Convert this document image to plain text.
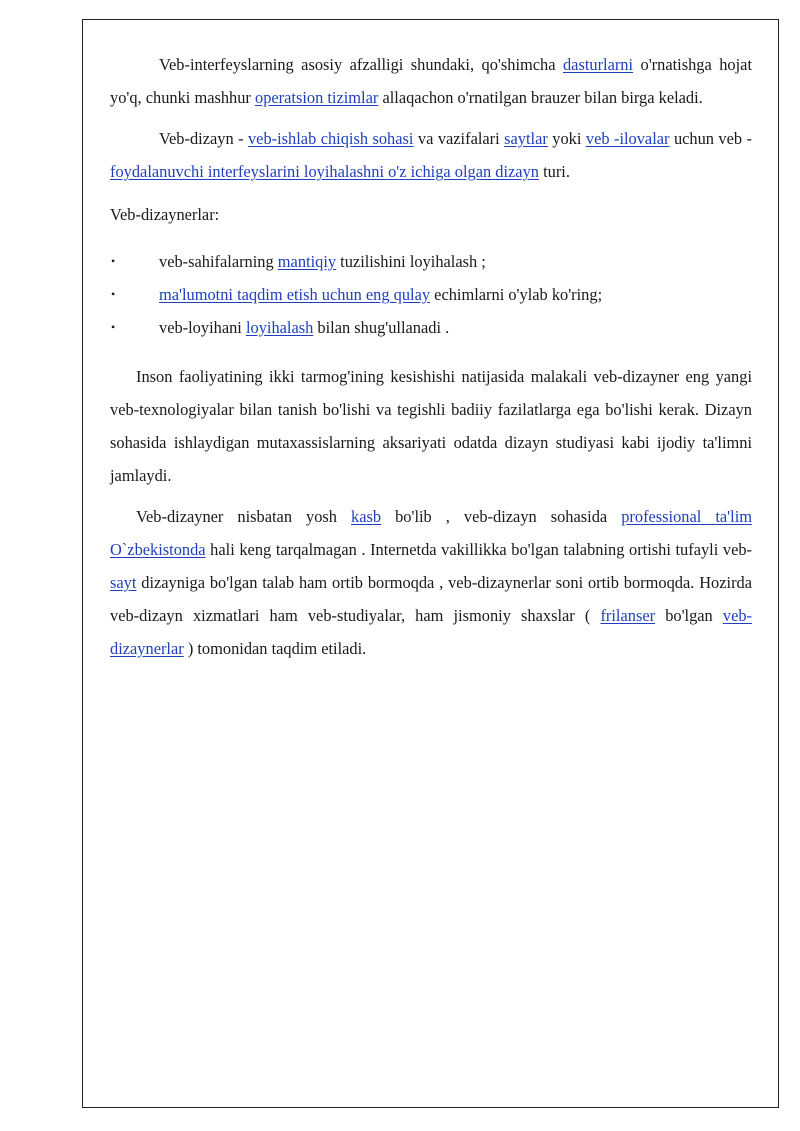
Veb-interfeyslarning asosiy afzalligi shundaki, qo'shimcha dasturlarni o'rnatishga hojat yo'q, chunki mashhur operatsion tizimlar allaqachon o'rnatilgan brauzer bilan birga keladi.

Veb-dizayn - veb-ishlab chiqish sohasi va vazifalari saytlar yoki veb -ilovalar uchun veb - foydalanuvchi interfeyslarini loyihalashni o'z ichiga olgan dizayn turi.

Veb-dizaynerlar:
•	veb-sahifalarning mantiqiy tuzilishini loyihalash ;
•	ma'lumotni taqdim etish uchun eng qulay echimlarni o'ylab ko'ring;
•	veb-loyihani loyihalash bilan shug'ullanadi .

Inson faoliyatining ikki tarmog'ining kesishishi natijasida malakali veb-dizayner eng yangi veb-texnologiyalar bilan tanish bo'lishi va tegishli badiiy fazilatlarga ega bo'lishi kerak. Dizayn sohasida ishlaydigan mutaxassislarning aksariyati odatda dizayn studiyasi kabi ijodiy ta'limni jamlaydi.

Veb-dizayner nisbatan yosh kasb bo'lib , veb-dizayn sohasida professional ta'lim O`zbekistonda hali keng tarqalmagan . Internetda vakillikka bo'lgan talabning ortishi tufayli veb- sayt dizayniga bo'lgan talab ham ortib bormoqda , veb-dizaynerlar soni ortib bormoqda. Hozirda veb-dizayn xizmatlari ham veb-studiyalar, ham jismoniy shaxslar ( frilanser bo'lgan veb-dizaynerlar ) tomonidan taqdim etiladi.
